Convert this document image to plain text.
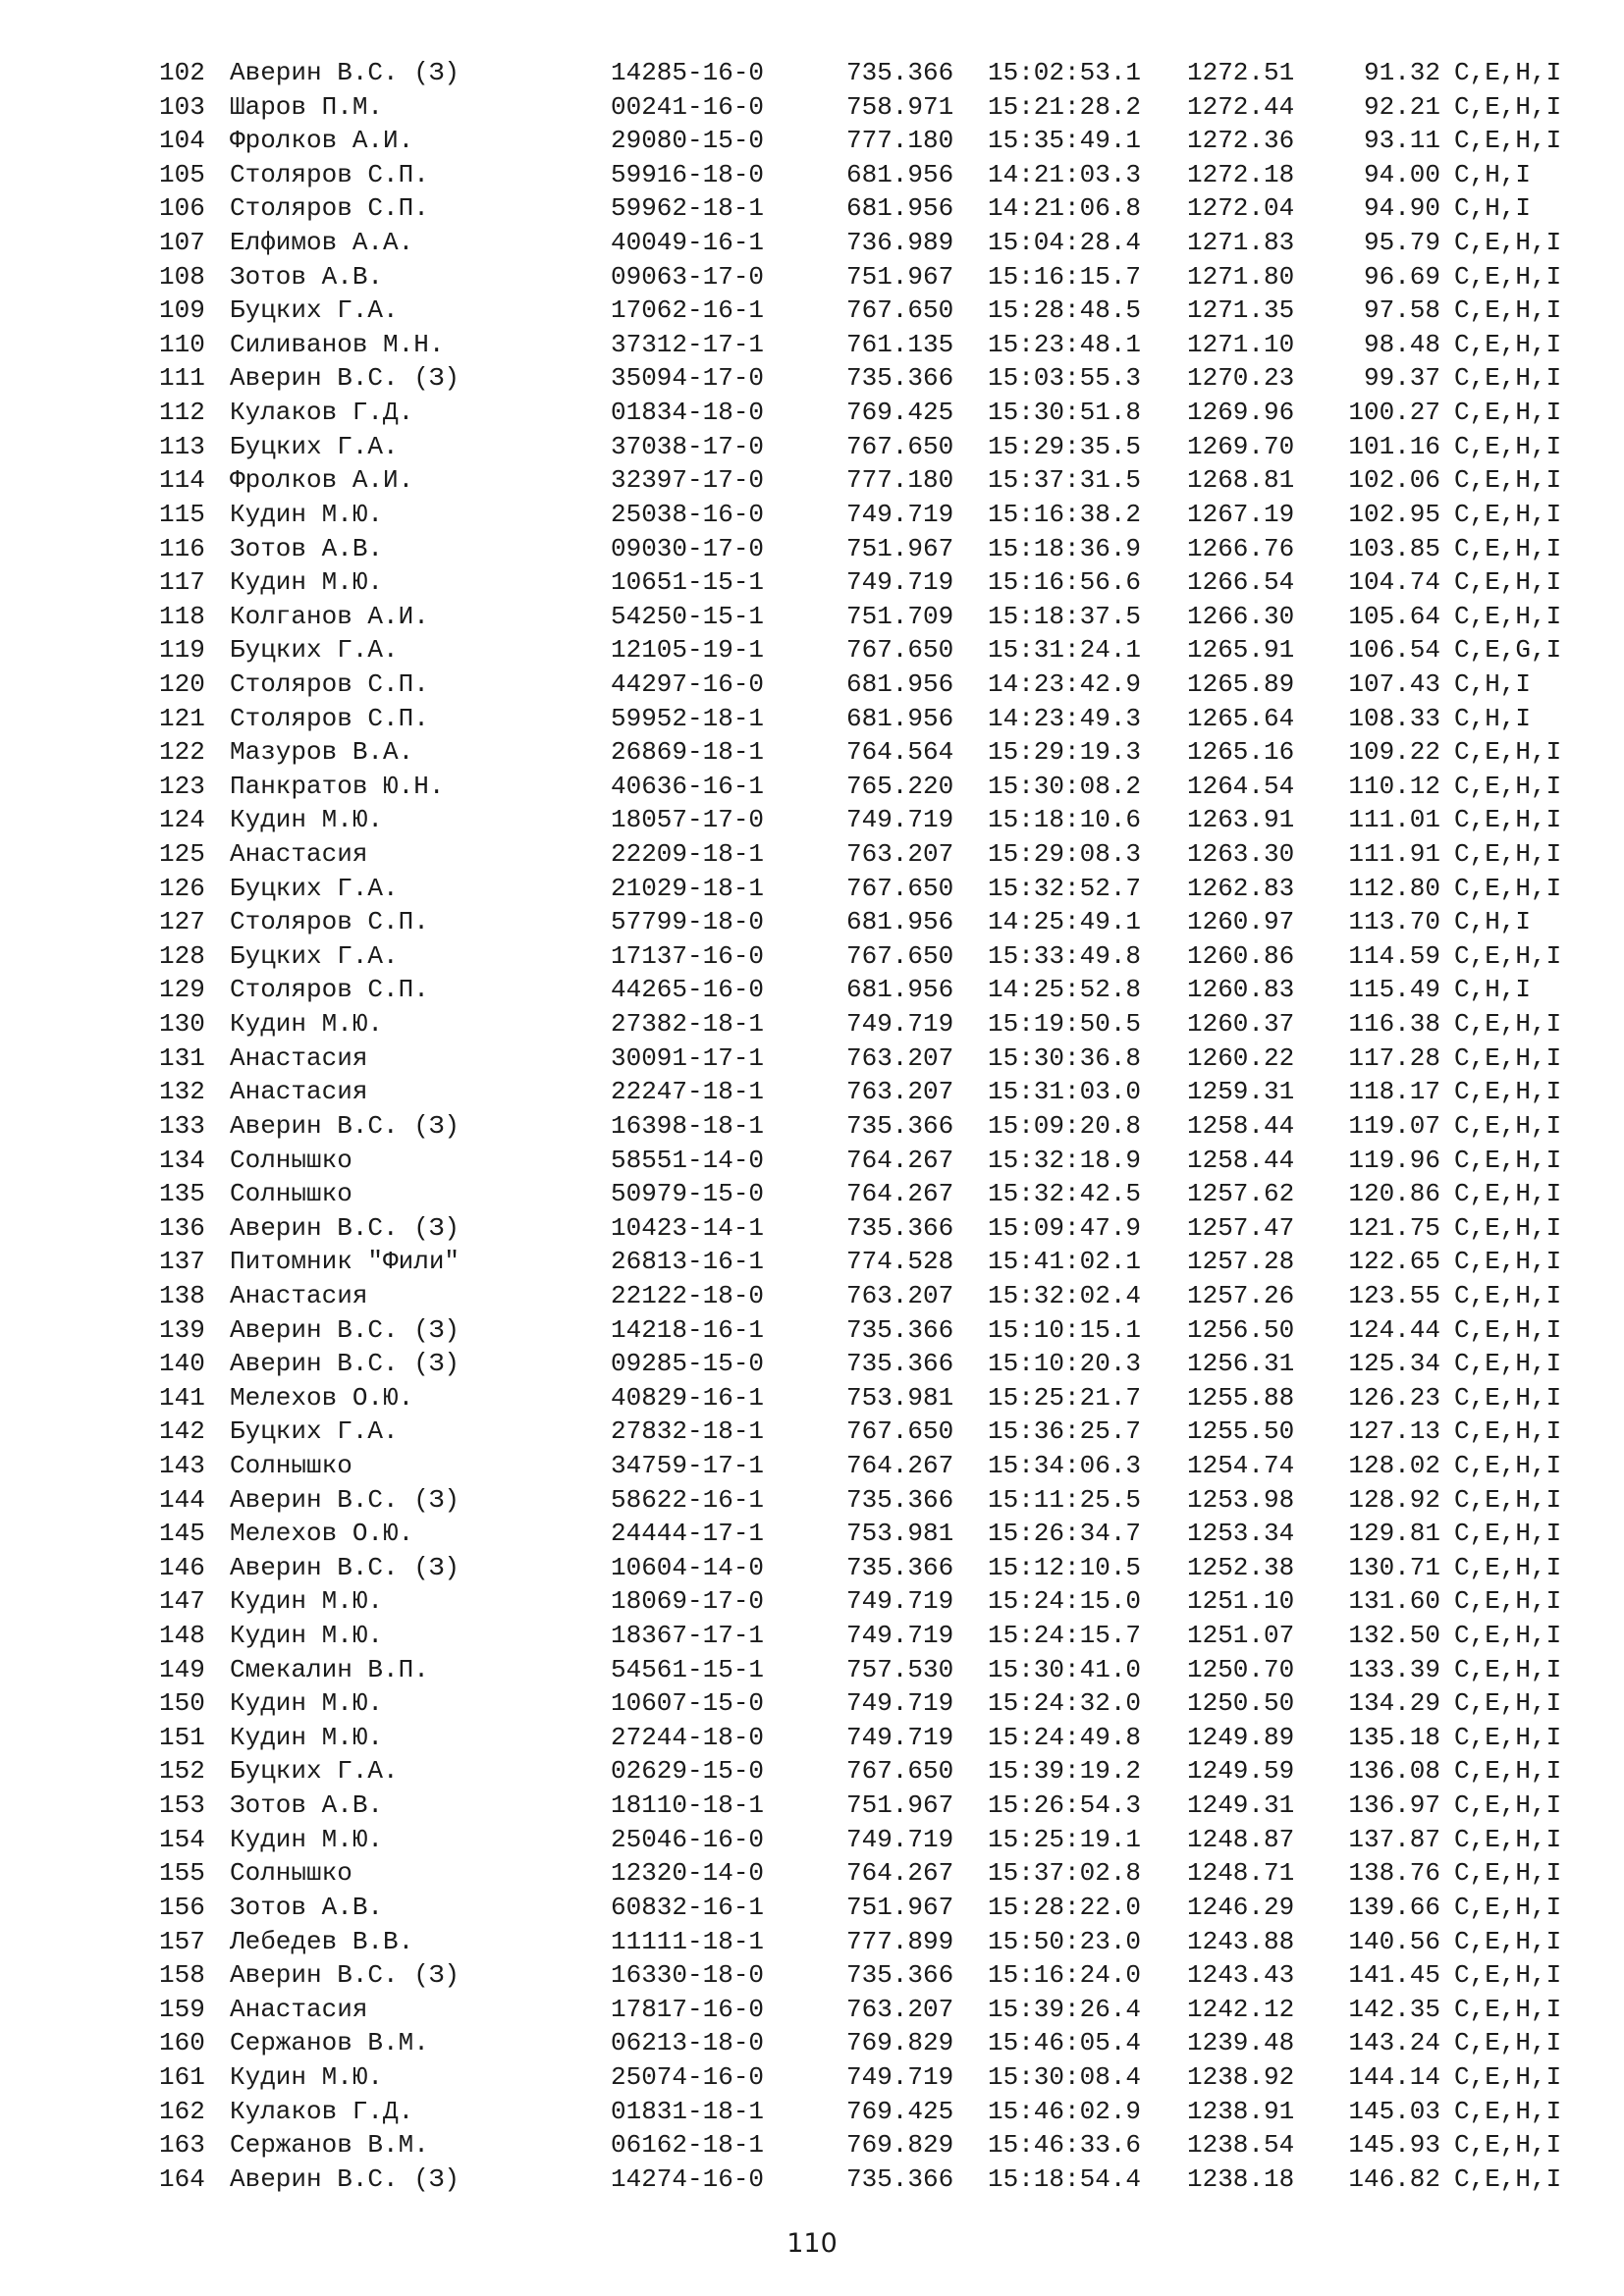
102 Аверин В.С. (З)	14285-16-0	735.366 15:02:53.1 1272.51	91.32 C,E,H,I
103 Шаров П.М.	00241-16-0	758.971 15:21:28.2 1272.44	92.21 C,E,H,I
104 Фролков А.И.	29080-15-0	777.180 15:35:49.1 1272.36	93.11 C,E,H,I
105 Столяров С.П.	59916-18-0	681.956 14:21:03.3 1272.18	94.00 C,H,I
106 Столяров С.П.	59962-18-1	681.956 14:21:06.8 1272.04	94.90 C,H,I
107 Елфимов А.А.	40049-16-1	736.989 15:04:28.4 1271.83	95.79 C,E,H,I
108 Зотов А.В.	09063-17-0	751.967 15:16:15.7 1271.80	96.69 C,E,H,I
109 Буцких Г.А.	17062-16-1	767.650 15:28:48.5 1271.35	97.58 C,E,H,I
110 Силиванов М.Н.	37312-17-1	761.135 15:23:48.1 1271.10	98.48 C,E,H,I
111 Аверин В.С. (З)	35094-17-0	735.366 15:03:55.3 1270.23	99.37 C,E,H,I
112 Кулаков Г.Д.	01834-18-0	769.425 15:30:51.8 1269.96 100.27 C,E,H,I
113 Буцких Г.А.	37038-17-0	767.650 15:29:35.5 1269.70 101.16 C,E,H,I
114 Фролков А.И.	32397-17-0	777.180 15:37:31.5 1268.81 102.06 C,E,H,I
115 Кудин М.Ю.	25038-16-0	749.719 15:16:38.2 1267.19 102.95 C,E,H,I
116 Зотов А.В.	09030-17-0	751.967 15:18:36.9 1266.76 103.85 C,E,H,I
117 Кудин М.Ю.	10651-15-1	749.719 15:16:56.6 1266.54 104.74 C,E,H,I
118 Колганов А.И.	54250-15-1	751.709 15:18:37.5 1266.30 105.64 C,E,H,I
119 Буцких Г.А.	12105-19-1	767.650 15:31:24.1 1265.91 106.54 C,E,G,I
120 Столяров С.П.	44297-16-0	681.956 14:23:42.9 1265.89 107.43 C,H,I
121 Столяров С.П.	59952-18-1	681.956 14:23:49.3 1265.64 108.33 C,H,I
122 Мазуров В.А.	26869-18-1	764.564 15:29:19.3 1265.16 109.22 C,E,H,I
123 Панкратов Ю.Н.	40636-16-1	765.220 15:30:08.2 1264.54 110.12 C,E,H,I
124 Кудин М.Ю.	18057-17-0	749.719 15:18:10.6 1263.91 111.01 C,E,H,I
125 Анастасия	22209-18-1	763.207 15:29:08.3 1263.30 111.91 C,E,H,I
126 Буцких Г.А.	21029-18-1	767.650 15:32:52.7 1262.83 112.80 C,E,H,I
127 Столяров С.П.	57799-18-0	681.956 14:25:49.1 1260.97 113.70 C,H,I
128 Буцких Г.А.	17137-16-0	767.650 15:33:49.8 1260.86 114.59 C,E,H,I
129 Столяров С.П.	44265-16-0	681.956 14:25:52.8 1260.83 115.49 C,H,I
130 Кудин М.Ю.	27382-18-1	749.719 15:19:50.5 1260.37 116.38 C,E,H,I
131 Анастасия	30091-17-1	763.207 15:30:36.8 1260.22 117.28 C,E,H,I
132 Анастасия	22247-18-1	763.207 15:31:03.0 1259.31 118.17 C,E,H,I
133 Аверин В.С. (З)	16398-18-1	735.366 15:09:20.8 1258.44 119.07 C,E,H,I
134 Солнышко	58551-14-0	764.267 15:32:18.9 1258.44 119.96 C,E,H,I
135 Солнышко	50979-15-0	764.267 15:32:42.5 1257.62 120.86 C,E,H,I
136 Аверин В.С. (З)	10423-14-1	735.366 15:09:47.9 1257.47 121.75 C,E,H,I
137 Питомник "Фили"	26813-16-1	774.528 15:41:02.1 1257.28 122.65 C,E,H,I
138 Анастасия	22122-18-0	763.207 15:32:02.4 1257.26 123.55 C,E,H,I
139 Аверин В.С. (З)	14218-16-1	735.366 15:10:15.1 1256.50 124.44 C,E,H,I
140 Аверин В.С. (З)	09285-15-0	735.366 15:10:20.3 1256.31 125.34 C,E,H,I
141 Мелехов О.Ю.	40829-16-1	753.981 15:25:21.7 1255.88 126.23 C,E,H,I
142 Буцких Г.А.	27832-18-1	767.650 15:36:25.7 1255.50 127.13 C,E,H,I
143 Солнышко	34759-17-1	764.267 15:34:06.3 1254.74 128.02 C,E,H,I
144 Аверин В.С. (З)	58622-16-1	735.366 15:11:25.5 1253.98 128.92 C,E,H,I
145 Мелехов О.Ю.	24444-17-1	753.981 15:26:34.7 1253.34 129.81 C,E,H,I
146 Аверин В.С. (З)	10604-14-0	735.366 15:12:10.5 1252.38 130.71 C,E,H,I
147 Кудин М.Ю.	18069-17-0	749.719 15:24:15.0 1251.10 131.60 C,E,H,I
148 Кудин М.Ю.	18367-17-1	749.719 15:24:15.7 1251.07 132.50 C,E,H,I
149 Смекалин В.П.	54561-15-1	757.530 15:30:41.0 1250.70 133.39 C,E,H,I
150 Кудин М.Ю.	10607-15-0	749.719 15:24:32.0 1250.50 134.29 C,E,H,I
151 Кудин М.Ю.	27244-18-0	749.719 15:24:49.8 1249.89 135.18 C,E,H,I
152 Буцких Г.А.	02629-15-0	767.650 15:39:19.2 1249.59 136.08 C,E,H,I
153 Зотов А.В.	18110-18-1	751.967 15:26:54.3 1249.31 136.97 C,E,H,I
154 Кудин М.Ю.	25046-16-0	749.719 15:25:19.1 1248.87 137.87 C,E,H,I
155 Солнышко	12320-14-0	764.267 15:37:02.8 1248.71 138.76 C,E,H,I
156 Зотов А.В.	60832-16-1	751.967 15:28:22.0 1246.29 139.66 C,E,H,I
157 Лебедев В.В.	11111-18-1	777.899 15:50:23.0 1243.88 140.56 C,E,H,I
158 Аверин В.С. (З)	16330-18-0	735.366 15:16:24.0 1243.43 141.45 C,E,H,I
159 Анастасия	17817-16-0	763.207 15:39:26.4 1242.12 142.35 C,E,H,I
160 Сержанов В.М.	06213-18-0	769.829 15:46:05.4 1239.48 143.24 C,E,H,I
161 Кудин М.Ю.	25074-16-0	749.719 15:30:08.4 1238.92 144.14 C,E,H,I
162 Кулаков Г.Д.	01831-18-1	769.425 15:46:02.9 1238.91 145.03 C,E,H,I
163 Сержанов В.М.	06162-18-1	769.829 15:46:33.6 1238.54 145.93 C,E,H,I
164 Аверин В.С. (З)	14274-16-0	735.366 15:18:54.4 1238.18 146.82 C,E,H,I
110
